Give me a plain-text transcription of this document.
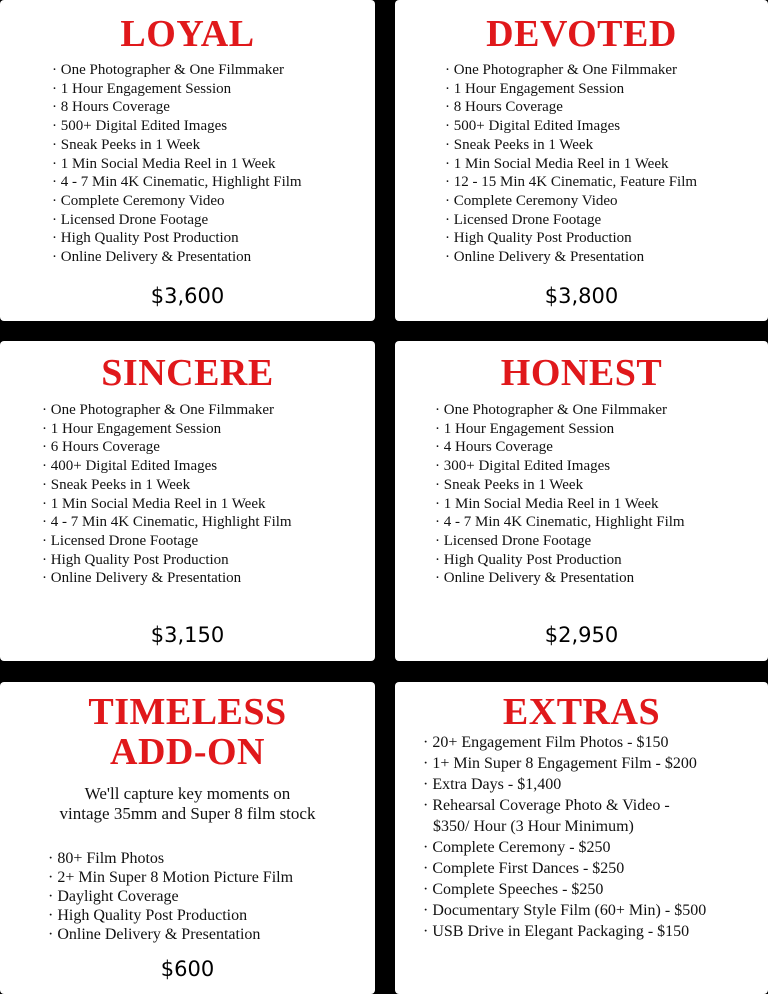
LOYAL
· One Photographer & One Filmmaker
· 1 Hour Engagement Session
· 8 Hours Coverage
· 500+ Digital Edited Images
· Sneak Peeks in 1 Week
· 1 Min Social Media Reel in 1 Week
· 4 - 7 Min 4K Cinematic, Highlight Film
· Complete Ceremony Video
· Licensed Drone Footage
· High Quality Post Production
· Online Delivery & Presentation
$3,600
DEVOTED
· One Photographer & One Filmmaker
· 1 Hour Engagement Session
· 8 Hours Coverage
· 500+ Digital Edited Images
· Sneak Peeks in 1 Week
· 1 Min Social Media Reel in 1 Week
· 12 - 15 Min 4K Cinematic, Feature Film
· Complete Ceremony Video
· Licensed Drone Footage
· High Quality Post Production
· Online Delivery & Presentation
$3,800
SINCERE
· One Photographer & One Filmmaker
· 1 Hour Engagement Session
· 6 Hours Coverage
· 400+ Digital Edited Images
· Sneak Peeks in 1 Week
· 1 Min Social Media Reel in 1 Week
· 4 - 7 Min 4K Cinematic, Highlight Film
· Licensed Drone Footage
· High Quality Post Production
· Online Delivery & Presentation
$3,150
HONEST
· One Photographer & One Filmmaker
· 1 Hour Engagement Session
· 4 Hours Coverage
· 300+ Digital Edited Images
· Sneak Peeks in 1 Week
· 1 Min Social Media Reel in 1 Week
· 4 - 7 Min 4K Cinematic, Highlight Film
· Licensed Drone Footage
· High Quality Post Production
· Online Delivery & Presentation
$2,950
TIMELESS
ADD-ON
We'll capture key moments on
vintage 35mm and Super 8 film stock
· 80+ Film Photos
· 2+ Min Super 8 Motion Picture Film
· Daylight Coverage
· High Quality Post Production
· Online Delivery & Presentation
$600
EXTRAS
· 20+ Engagement Film Photos - $150
· 1+ Min Super 8 Engagement Film - $200
· Extra Days - $1,400
· Rehearsal Coverage Photo & Video -
$350/ Hour (3 Hour Minimum)
· Complete Ceremony - $250
· Complete First Dances - $250
· Complete Speeches - $250
· Documentary Style Film (60+ Min) - $500
· USB Drive in Elegant Packaging - $150
